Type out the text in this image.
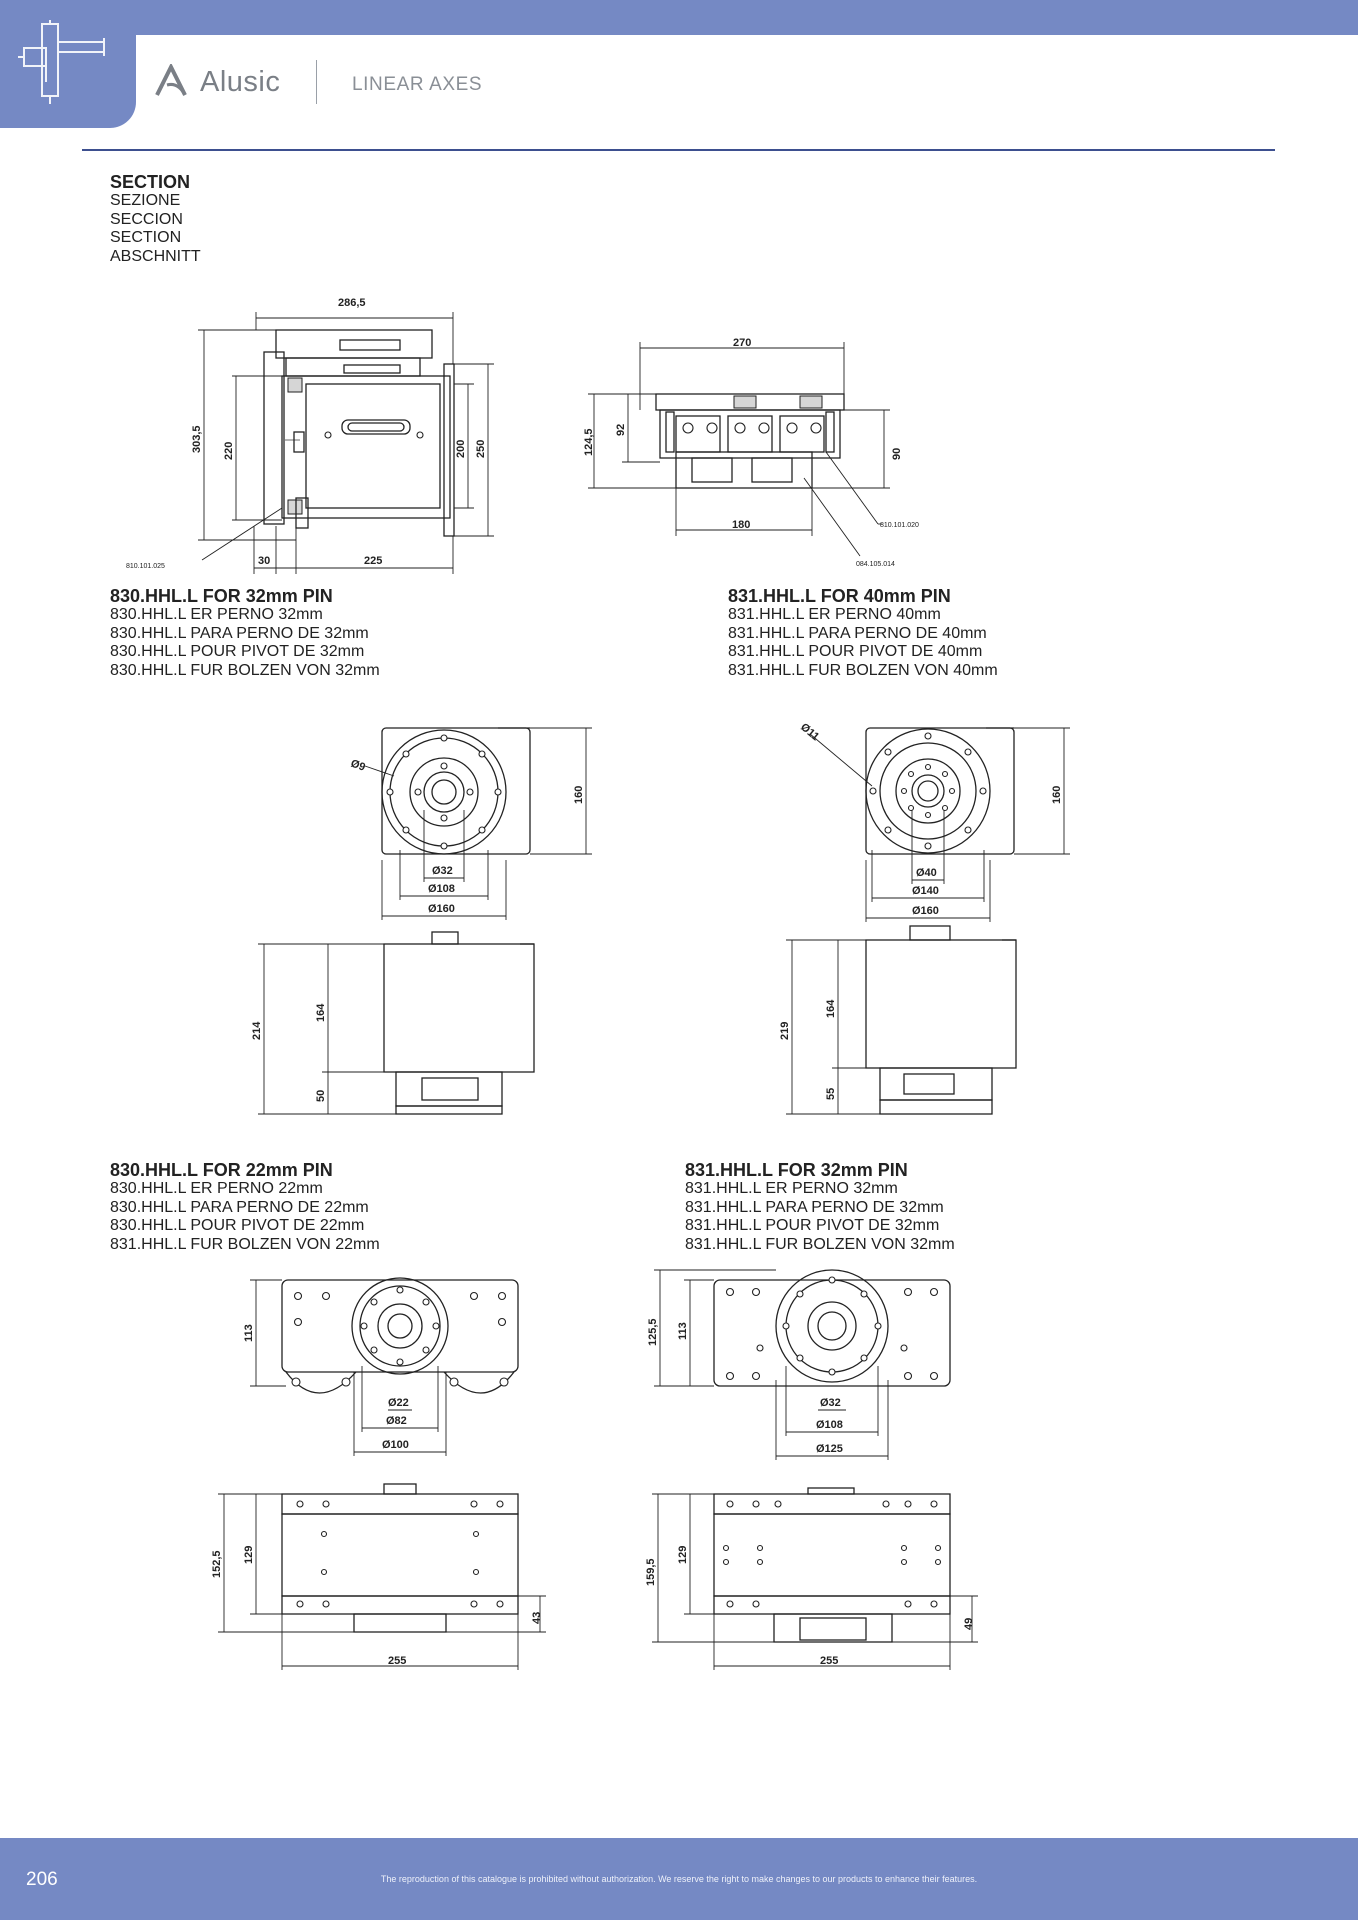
Alusic	LINEAR AXES
SECTION
SEZIONE
SECCION
SECTION
ABSCHNITT
830.HHL.L FOR 32mm PIN
830.HHL.L ER PERNO 32mm
830.HHL.L PARA PERNO DE 32mm
830.HHL.L POUR PIVOT DE 32mm
830.HHL.L FUR BOLZEN VON 32mm
831.HHL.L FOR 40mm PIN
831.HHL.L ER PERNO 40mm
831.HHL.L PARA PERNO DE 40mm
831.HHL.L POUR PIVOT DE 40mm
831.HHL.L FUR BOLZEN VON 40mm
830.HHL.L FOR 22mm PIN
830.HHL.L ER PERNO 22mm
830.HHL.L PARA PERNO DE 22mm
830.HHL.L POUR PIVOT DE 22mm
831.HHL.L FUR BOLZEN VON 22mm
831.HHL.L FOR 32mm PIN
831.HHL.L ER PERNO 32mm
831.HHL.L PARA PERNO DE 32mm
831.HHL.L POUR PIVOT DE 32mm
831.HHL.L FUR BOLZEN VON 32mm
286,5
303,5 220	200 250
30	225
810.101.025
270
124,5 92
90
180	810.101.020
084.105.014
Ø9
160
Ø32
Ø108
Ø160
214
164
50
Ø11
160
Ø40
Ø140
Ø160
219
164
55
113
Ø22
Ø82
Ø100
152,5 129
43
255
125,5 113
Ø32
Ø108
Ø125
159,5
129
49
255
206	The reproduction of this catalogue is prohibited without authorization. We reserve the right to make changes to our products to enhance their features.
